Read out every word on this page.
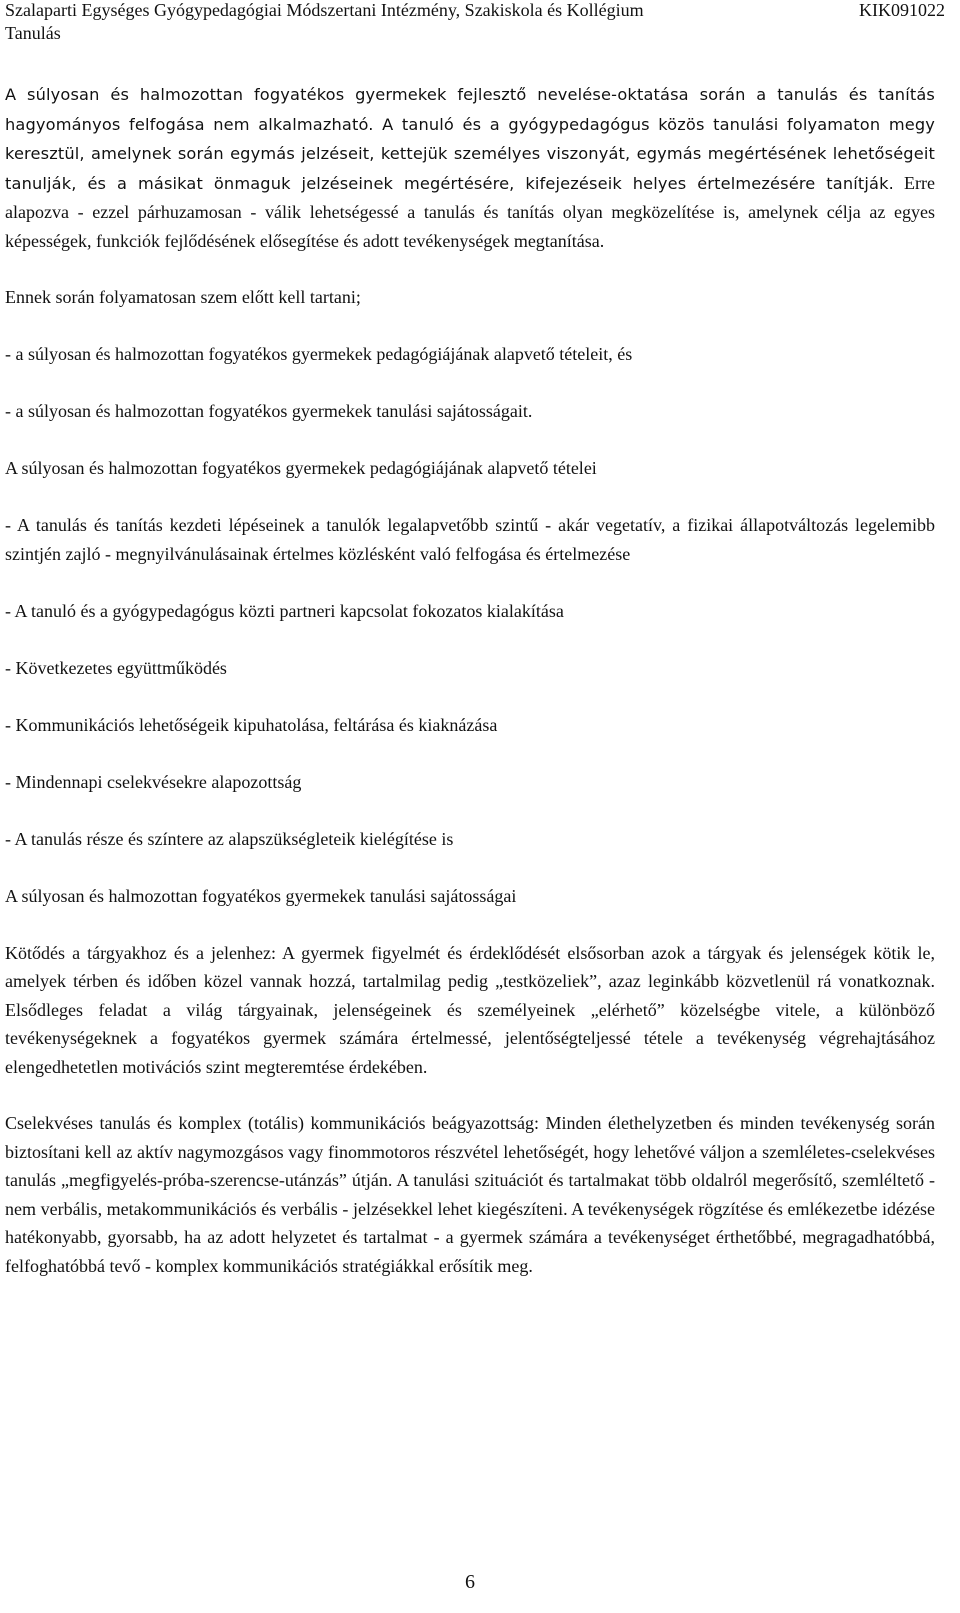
Szalaparti Egységes Gyógypedagógiai Módszertani Intézmény, Szakiskola és Kollégium	KIK091022
Tanulás

A súlyosan és halmozottan fogyatékos gyermekek fejlesztő nevelése-oktatása során a tanulás és tanítás hagyományos felfogása nem alkalmazható. A tanuló és a gyógypedagógus közös tanulási folyamaton megy keresztül, amelynek során egymás jelzéseit, kettejük személyes viszonyát, egymás megértésének lehetőségeit tanulják, és a másikat önmaguk jelzéseinek megértésére, kifejezéseik helyes értelmezésére tanítják. Erre alapozva - ezzel párhuzamosan - válik lehetségessé a tanulás és tanítás olyan megközelítése is, amelynek célja az egyes képességek, funkciók fejlődésének elősegítése és adott tevékenységek megtanítása.

Ennek során folyamatosan szem előtt kell tartani;

- a súlyosan és halmozottan fogyatékos gyermekek pedagógiájának alapvető tételeit, és

- a súlyosan és halmozottan fogyatékos gyermekek tanulási sajátosságait.

A súlyosan és halmozottan fogyatékos gyermekek pedagógiájának alapvető tételei

- A tanulás és tanítás kezdeti lépéseinek a tanulók legalapvetőbb szintű - akár vegetatív, a fizikai állapotváltozás legelemibb szintjén zajló - megnyilvánulásainak értelmes közlésként való felfogása és értelmezése

- A tanuló és a gyógypedagógus közti partneri kapcsolat fokozatos kialakítása

- Következetes együttműködés

- Kommunikációs lehetőségeik kipuhatolása, feltárása és kiaknázása

- Mindennapi cselekvésekre alapozottság

- A tanulás része és színtere az alapszükségleteik kielégítése is

A súlyosan és halmozottan fogyatékos gyermekek tanulási sajátosságai

Kötődés a tárgyakhoz és a jelenhez: A gyermek figyelmét és érdeklődését elsősorban azok a tárgyak és jelenségek kötik le, amelyek térben és időben közel vannak hozzá, tartalmilag pedig „testközeliek”, azaz leginkább közvetlenül rá vonatkoznak. Elsődleges feladat a világ tárgyainak, jelenségeinek és személyeinek „elérhető” közelségbe vitele, a különböző tevékenységeknek a fogyatékos gyermek számára értelmessé, jelentőségteljessé tétele a tevékenység végrehajtásához elengedhetetlen motivációs szint megteremtése érdekében.

Cselekvéses tanulás és komplex (totális) kommunikációs beágyazottság: Minden élethelyzetben és minden tevékenység során biztosítani kell az aktív nagymozgásos vagy finommotoros részvétel lehetőségét, hogy lehetővé váljon a szemléletes-cselekvéses tanulás „megfigyelés-próba-szerencse-utánzás” útján. A tanulási szituációt és tartalmakat több oldalról megerősítő, szemléltető - nem verbális, metakommunikációs és verbális - jelzésekkel lehet kiegészíteni. A tevékenységek rögzítése és emlékezetbe idézése hatékonyabb, gyorsabb, ha az adott helyzetet és tartalmat - a gyermek számára a tevékenységet érthetőbbé, megragadhatóbbá, felfoghatóbbá tevő - komplex kommunikációs stratégiákkal erősítik meg.

6
